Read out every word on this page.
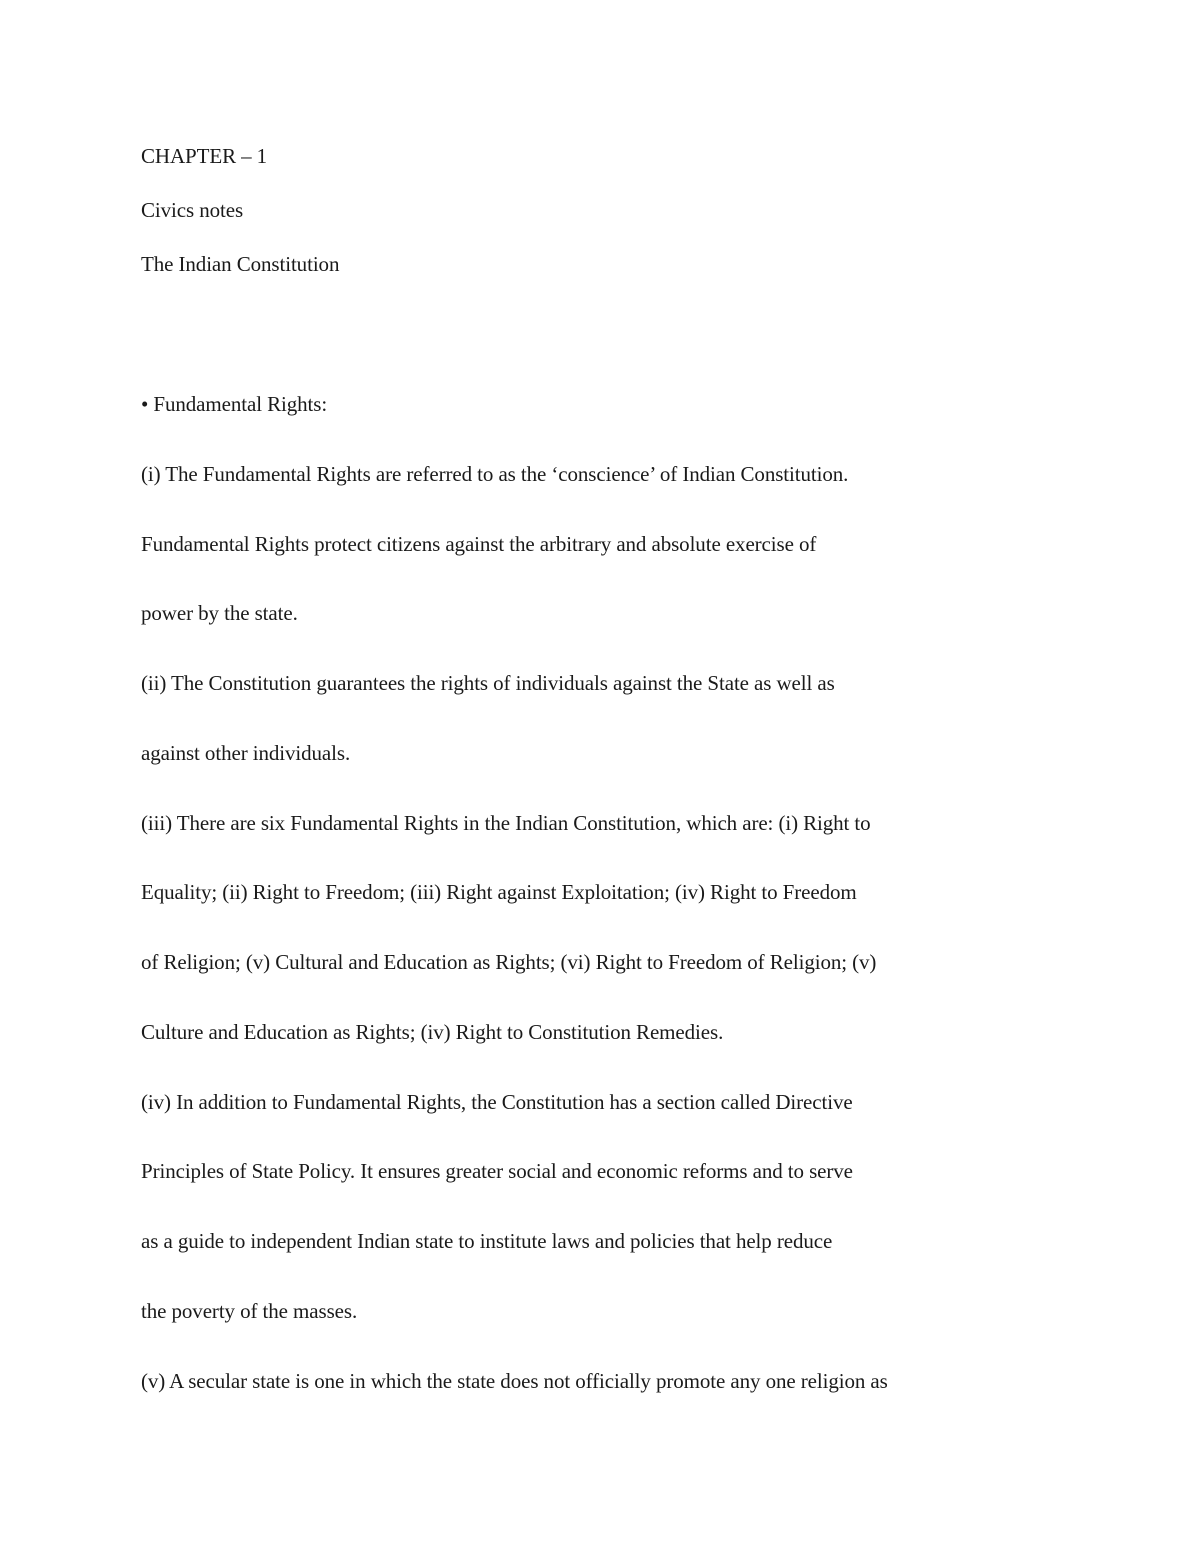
CHAPTER – 1
Civics notes
The Indian Constitution
• Fundamental Rights:
(i) The Fundamental Rights are referred to as the ‘conscience’ of Indian Constitution.
Fundamental Rights protect citizens against the arbitrary and absolute exercise of
power by the state.
(ii) The Constitution guarantees the rights of individuals against the State as well as
against other individuals.
(iii) There are six Fundamental Rights in the Indian Constitution, which are: (i) Right to
Equality; (ii) Right to Freedom; (iii) Right against Exploitation; (iv) Right to Freedom
of Religion; (v) Cultural and Education as Rights; (vi) Right to Freedom of Religion; (v)
Culture and Education as Rights; (iv) Right to Constitution Remedies.
(iv) In addition to Fundamental Rights, the Constitution has a section called Directive
Principles of State Policy. It ensures greater social and economic reforms and to serve
as a guide to independent Indian state to institute laws and policies that help reduce
the poverty of the masses.
(v) A secular state is one in which the state does not officially promote any one religion as
